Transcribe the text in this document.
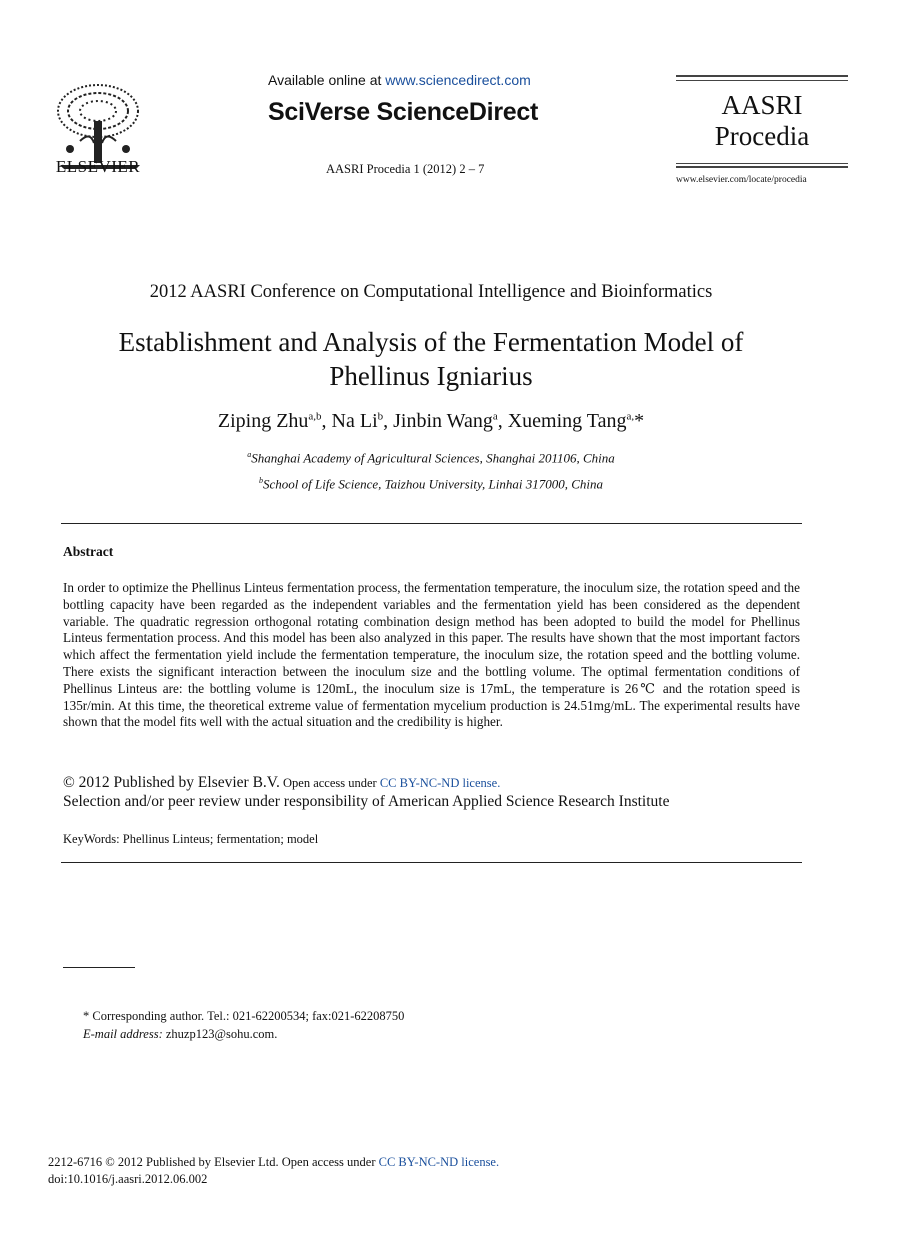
ELSEVIER
Available online at www.sciencedirect.com
SciVerse ScienceDirect
AASRI Procedia 1 (2012) 2 – 7
AASRI
Procedia
www.elsevier.com/locate/procedia
2012 AASRI Conference on Computational Intelligence and Bioinformatics
Establishment and Analysis of the Fermentation Model of
Phellinus Igniarius
Ziping Zhu$^{a,b}$, Na Li$^b$, Jinbin Wang$^a$, Xueming Tang$^{a,}$*
$^a$Shanghai Academy of Agricultural Sciences, Shanghai 201106, China
$^b$School of Life Science, Taizhou University, Linhai 317000, China
Abstract
In order to optimize the Phellinus Linteus fermentation process, the fermentation temperature, the inoculum size, the rotation speed and the bottling capacity have been regarded as the independent variables and the fermentation yield has been considered as the dependent variable. The quadratic regression orthogonal rotating combination design method has been adopted to build the model for Phellinus Linteus fermentation process. And this model has been also analyzed in this paper. The results have shown that the most important factors which affect the fermentation yield include the fermentation temperature, the inoculum size, the rotation speed and the bottling volume. There exists the significant interaction between the inoculum size and the bottling volume. The optimal fermentation conditions of Phellinus Linteus are: the bottling volume is 120mL, the inoculum size is 17mL, the temperature is 26℃ and the rotation speed is 135r/min. At this time, the theoretical extreme value of fermentation mycelium production is 24.51mg/mL. The experimental results have shown that the model fits well with the actual situation and the credibility is higher.
© 2012 Published by Elsevier B.V. Open access under CC BY-NC-ND license.
Selection and/or peer review under responsibility of American Applied Science Research Institute
KeyWords: Phellinus Linteus; fermentation; model
* Corresponding author. Tel.: 021-62200534; fax:021-62208750
E-mail address: zhuzp123@sohu.com.
2212-6716 © 2012 Published by Elsevier Ltd. Open access under CC BY-NC-ND license.
doi:10.1016/j.aasri.2012.06.002
